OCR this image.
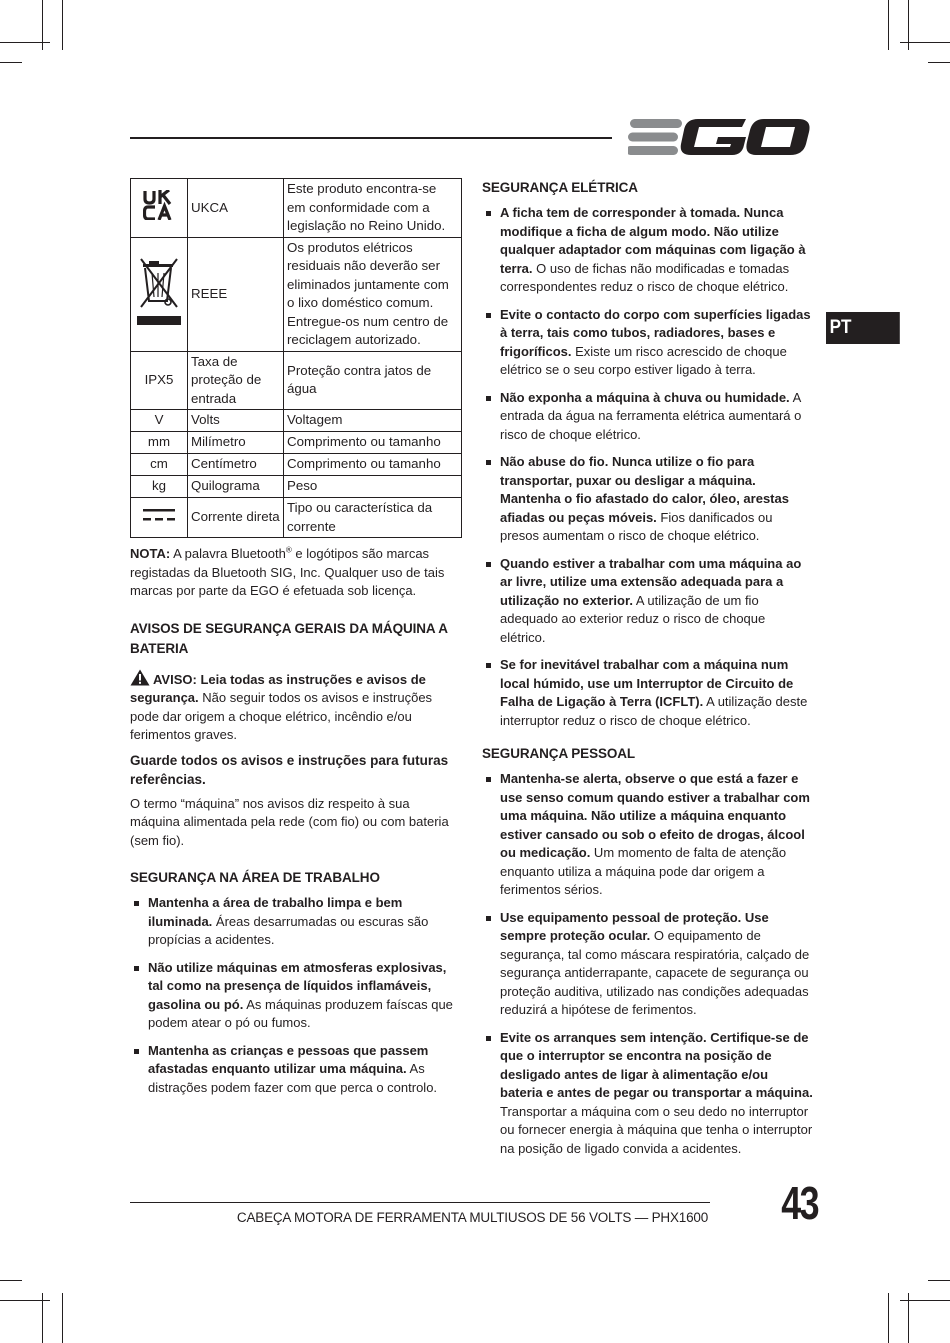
PT
	UKCA	Este produto encontra-se em conformidade com a legislação no Reino Unido.
	REEE	Os produtos elétricos residuais não deverão ser eliminados juntamente com o lixo doméstico comum. Entregue-os num centro de reciclagem autorizado.
IPX5	Taxa de proteção de entrada	Proteção contra jatos de água
V	Volts	Voltagem
mm	Milímetro	Comprimento ou tamanho
cm	Centímetro	Comprimento ou tamanho
kg	Quilograma	Peso
	Corrente direta	Tipo ou característica da corrente

NOTA: A palavra Bluetooth® e logótipos são marcas registadas da Bluetooth SIG, Inc. Qualquer uso de tais marcas por parte da EGO é efetuada sob licença.

AVISOS DE SEGURANÇA GERAIS DA MÁQUINA A BATERIA

AVISO: Leia todas as instruções e avisos de segurança. Não seguir todos os avisos e instruções pode dar origem a choque elétrico, incêndio e/ou ferimentos graves.

Guarde todos os avisos e instruções para futuras referências.

O termo “máquina” nos avisos diz respeito à sua máquina alimentada pela rede (com fio) ou com bateria (sem fio).

SEGURANÇA NA ÁREA DE TRABALHO
Mantenha a área de trabalho limpa e bem iluminada. Áreas desarrumadas ou escuras são propícias a acidentes.
Não utilize máquinas em atmosferas explosivas, tal como na presença de líquidos inflamáveis, gasolina ou pó. As máquinas produzem faíscas que podem atear o pó ou fumos.
Mantenha as crianças e pessoas que passem afastadas enquanto utilizar uma máquina. As distrações podem fazer com que perca o controlo.
SEGURANÇA ELÉTRICA
A ficha tem de corresponder à tomada. Nunca modifique a ficha de algum modo. Não utilize qualquer adaptador com máquinas com ligação à terra. O uso de fichas não modificadas e tomadas correspondentes reduz o risco de choque elétrico.
Evite o contacto do corpo com superfícies ligadas à terra, tais como tubos, radiadores, bases e frigoríficos. Existe um risco acrescido de choque elétrico se o seu corpo estiver ligado à terra.
Não exponha a máquina à chuva ou humidade. A entrada da água na ferramenta elétrica aumentará o risco de choque elétrico.
Não abuse do fio. Nunca utilize o fio para transportar, puxar ou desligar a máquina. Mantenha o fio afastado do calor, óleo, arestas afiadas ou peças móveis. Fios danificados ou presos aumentam o risco de choque elétrico.
Quando estiver a trabalhar com uma máquina ao ar livre, utilize uma extensão adequada para a utilização no exterior. A utilização de um fio adequado ao exterior reduz o risco de choque elétrico.
Se for inevitável trabalhar com a máquina num local húmido, use um Interruptor de Circuito de Falha de Ligação à Terra (ICFLT). A utilização deste interruptor reduz o risco de choque elétrico.
SEGURANÇA PESSOAL
Mantenha-se alerta, observe o que está a fazer e use senso comum quando estiver a trabalhar com uma máquina. Não utilize a máquina enquanto estiver cansado ou sob o efeito de drogas, álcool ou medicação. Um momento de falta de atenção enquanto utiliza a máquina pode dar origem a ferimentos sérios.
Use equipamento pessoal de proteção. Use sempre proteção ocular. O equipamento de segurança, tal como máscara respiratória, calçado de segurança antiderrapante, capacete de segurança ou proteção auditiva, utilizado nas condições adequadas reduzirá a hipótese de ferimentos.
Evite os arranques sem intenção. Certifique-se de que o interruptor se encontra na posição de desligado antes de ligar à alimentação e/ou bateria e antes de pegar ou transportar a máquina. Transportar a máquina com o seu dedo no interruptor ou fornecer energia à máquina que tenha o interruptor na posição de ligado convida a acidentes.
CABEÇA MOTORA DE FERRAMENTA MULTIUSOS DE 56 VOLTS — PHX1600 43
